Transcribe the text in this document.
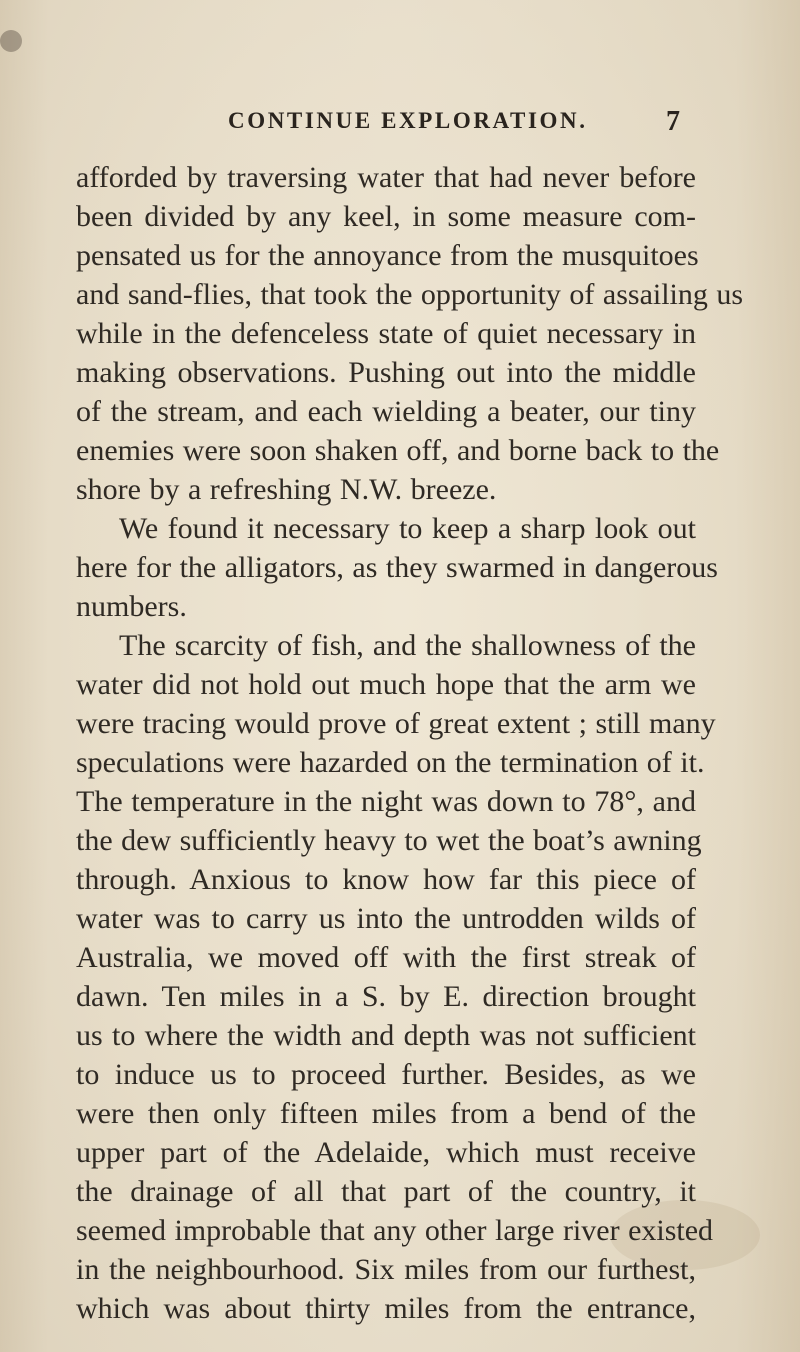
CONTINUE EXPLORATION.	7
afforded by traversing water that had never before
been divided by any keel, in some measure com-
pensated us for the annoyance from the musquitoes
and sand-flies, that took the opportunity of assailing us
while in the defenceless state of quiet necessary in
making observations. Pushing out into the middle
of the stream, and each wielding a beater, our tiny
enemies were soon shaken off, and borne back to the
shore by a refreshing N.W. breeze.
We found it necessary to keep a sharp look out
here for the alligators, as they swarmed in dangerous
numbers.
The scarcity of fish, and the shallowness of the
water did not hold out much hope that the arm we
were tracing would prove of great extent ; still many
speculations were hazarded on the termination of it.
The temperature in the night was down to 78°, and
the dew sufficiently heavy to wet the boat’s awning
through. Anxious to know how far this piece of
water was to carry us into the untrodden wilds of
Australia, we moved off with the first streak of
dawn. Ten miles in a S. by E. direction brought
us to where the width and depth was not sufficient
to induce us to proceed further. Besides, as we
were then only fifteen miles from a bend of the
upper part of the Adelaide, which must receive
the drainage of all that part of the country, it
seemed improbable that any other large river existed
in the neighbourhood. Six miles from our furthest,
which was about thirty miles from the entrance,
